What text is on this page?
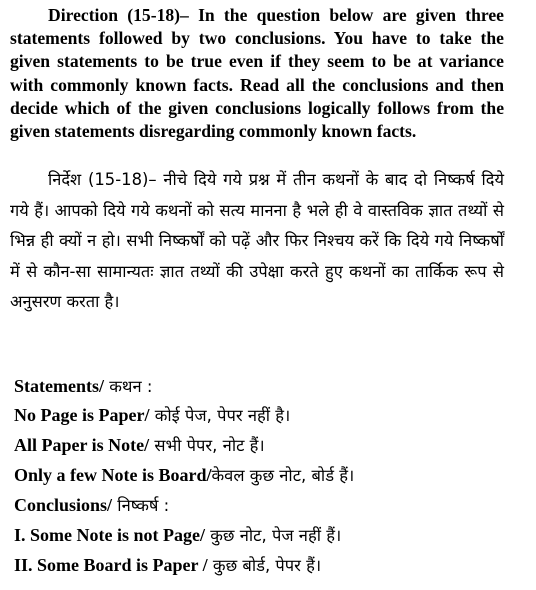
Direction (15-18)– In the question below are given three statements followed by two conclusions. You have to take the given statements to be true even if they seem to be at variance with commonly known facts. Read all the conclusions and then decide which of the given conclusions logically follows from the given statements disregarding commonly known facts.

निर्देश (15-18)– नीचे दिये गये प्रश्न में तीन कथनों के बाद दो निष्कर्ष दिये गये हैं। आपको दिये गये कथनों को सत्य मानना है भले ही वे वास्तविक ज्ञात तथ्यों से भिन्न ही क्यों न हो। सभी निष्कर्षों को पढ़ें और फिर निश्चय करें कि दिये गये निष्कर्षों में से कौन-सा सामान्यतः ज्ञात तथ्यों की उपेक्षा करते हुए कथनों का तार्किक रूप से अनुसरण करता है।

Statements/ कथन :
No Page is Paper/ कोई पेज, पेपर नहीं है।
All Paper is Note/ सभी पेपर, नोट हैं।
Only a few Note is Board/केवल कुछ नोट, बोर्ड हैं।
Conclusions/ निष्कर्ष :
I. Some Note is not Page/ कुछ नोट, पेज नहीं हैं।
II. Some Board is Paper / कुछ बोर्ड, पेपर हैं।
